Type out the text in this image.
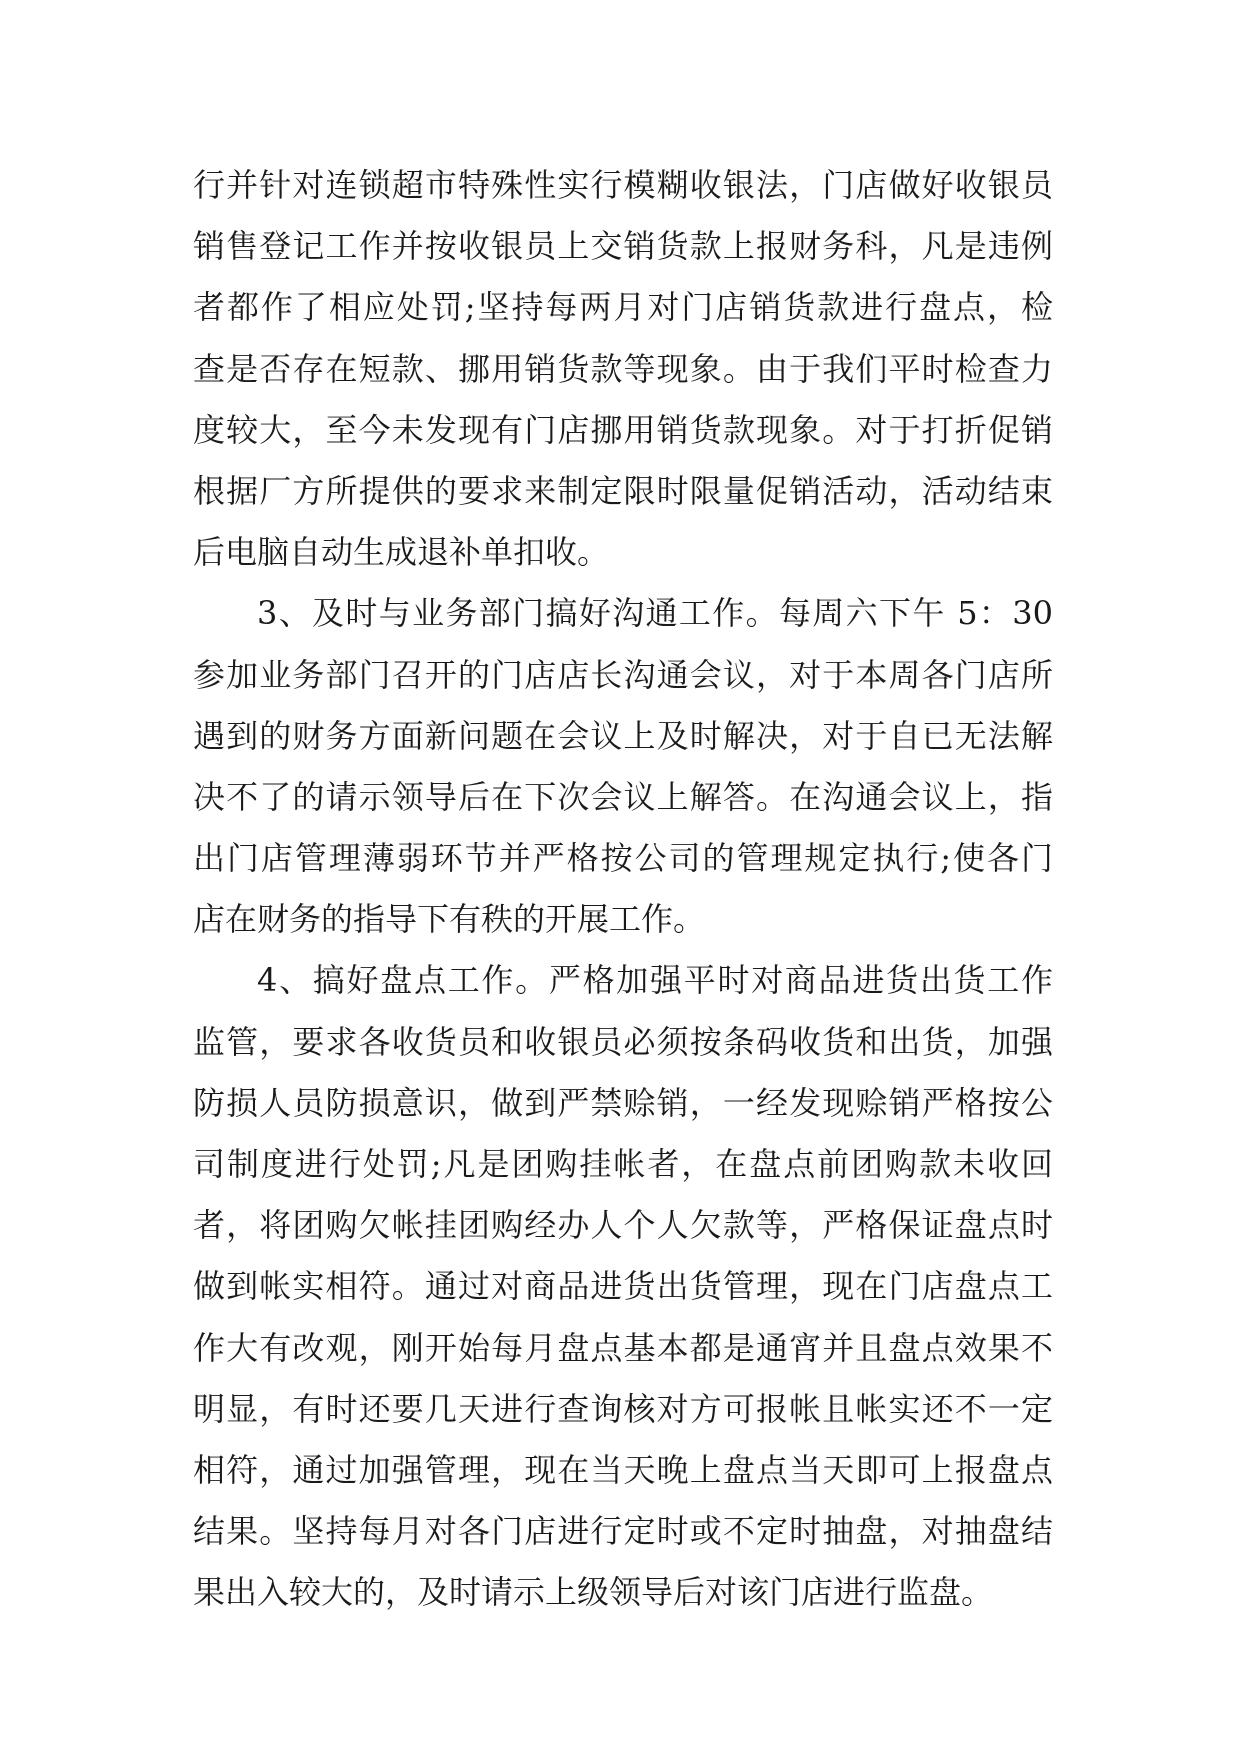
行并针对连锁超市特殊性实行模糊收银法，门店做好收银员
销售登记工作并按收银员上交销货款上报财务科，凡是违例
者都作了相应处罚;坚持每两月对门店销货款进行盘点，检
查是否存在短款、挪用销货款等现象。由于我们平时检查力
度较大，至今未发现有门店挪用销货款现象。对于打折促销
根据厂方所提供的要求来制定限时限量促销活动，活动结束
后电脑自动生成退补单扣收。
3、及时与业务部门搞好沟通工作。每周六下午 5：30
参加业务部门召开的门店店长沟通会议，对于本周各门店所
遇到的财务方面新问题在会议上及时解决，对于自已无法解
决不了的请示领导后在下次会议上解答。在沟通会议上，指
出门店管理薄弱环节并严格按公司的管理规定执行;使各门
店在财务的指导下有秩的开展工作。
4、搞好盘点工作。严格加强平时对商品进货出货工作
监管，要求各收货员和收银员必须按条码收货和出货，加强
防损人员防损意识，做到严禁赊销，一经发现赊销严格按公
司制度进行处罚;凡是团购挂帐者，在盘点前团购款未收回
者，将团购欠帐挂团购经办人个人欠款等，严格保证盘点时
做到帐实相符。通过对商品进货出货管理，现在门店盘点工
作大有改观，刚开始每月盘点基本都是通宵并且盘点效果不
明显，有时还要几天进行查询核对方可报帐且帐实还不一定
相符，通过加强管理，现在当天晚上盘点当天即可上报盘点
结果。坚持每月对各门店进行定时或不定时抽盘，对抽盘结
果出入较大的，及时请示上级领导后对该门店进行监盘。
